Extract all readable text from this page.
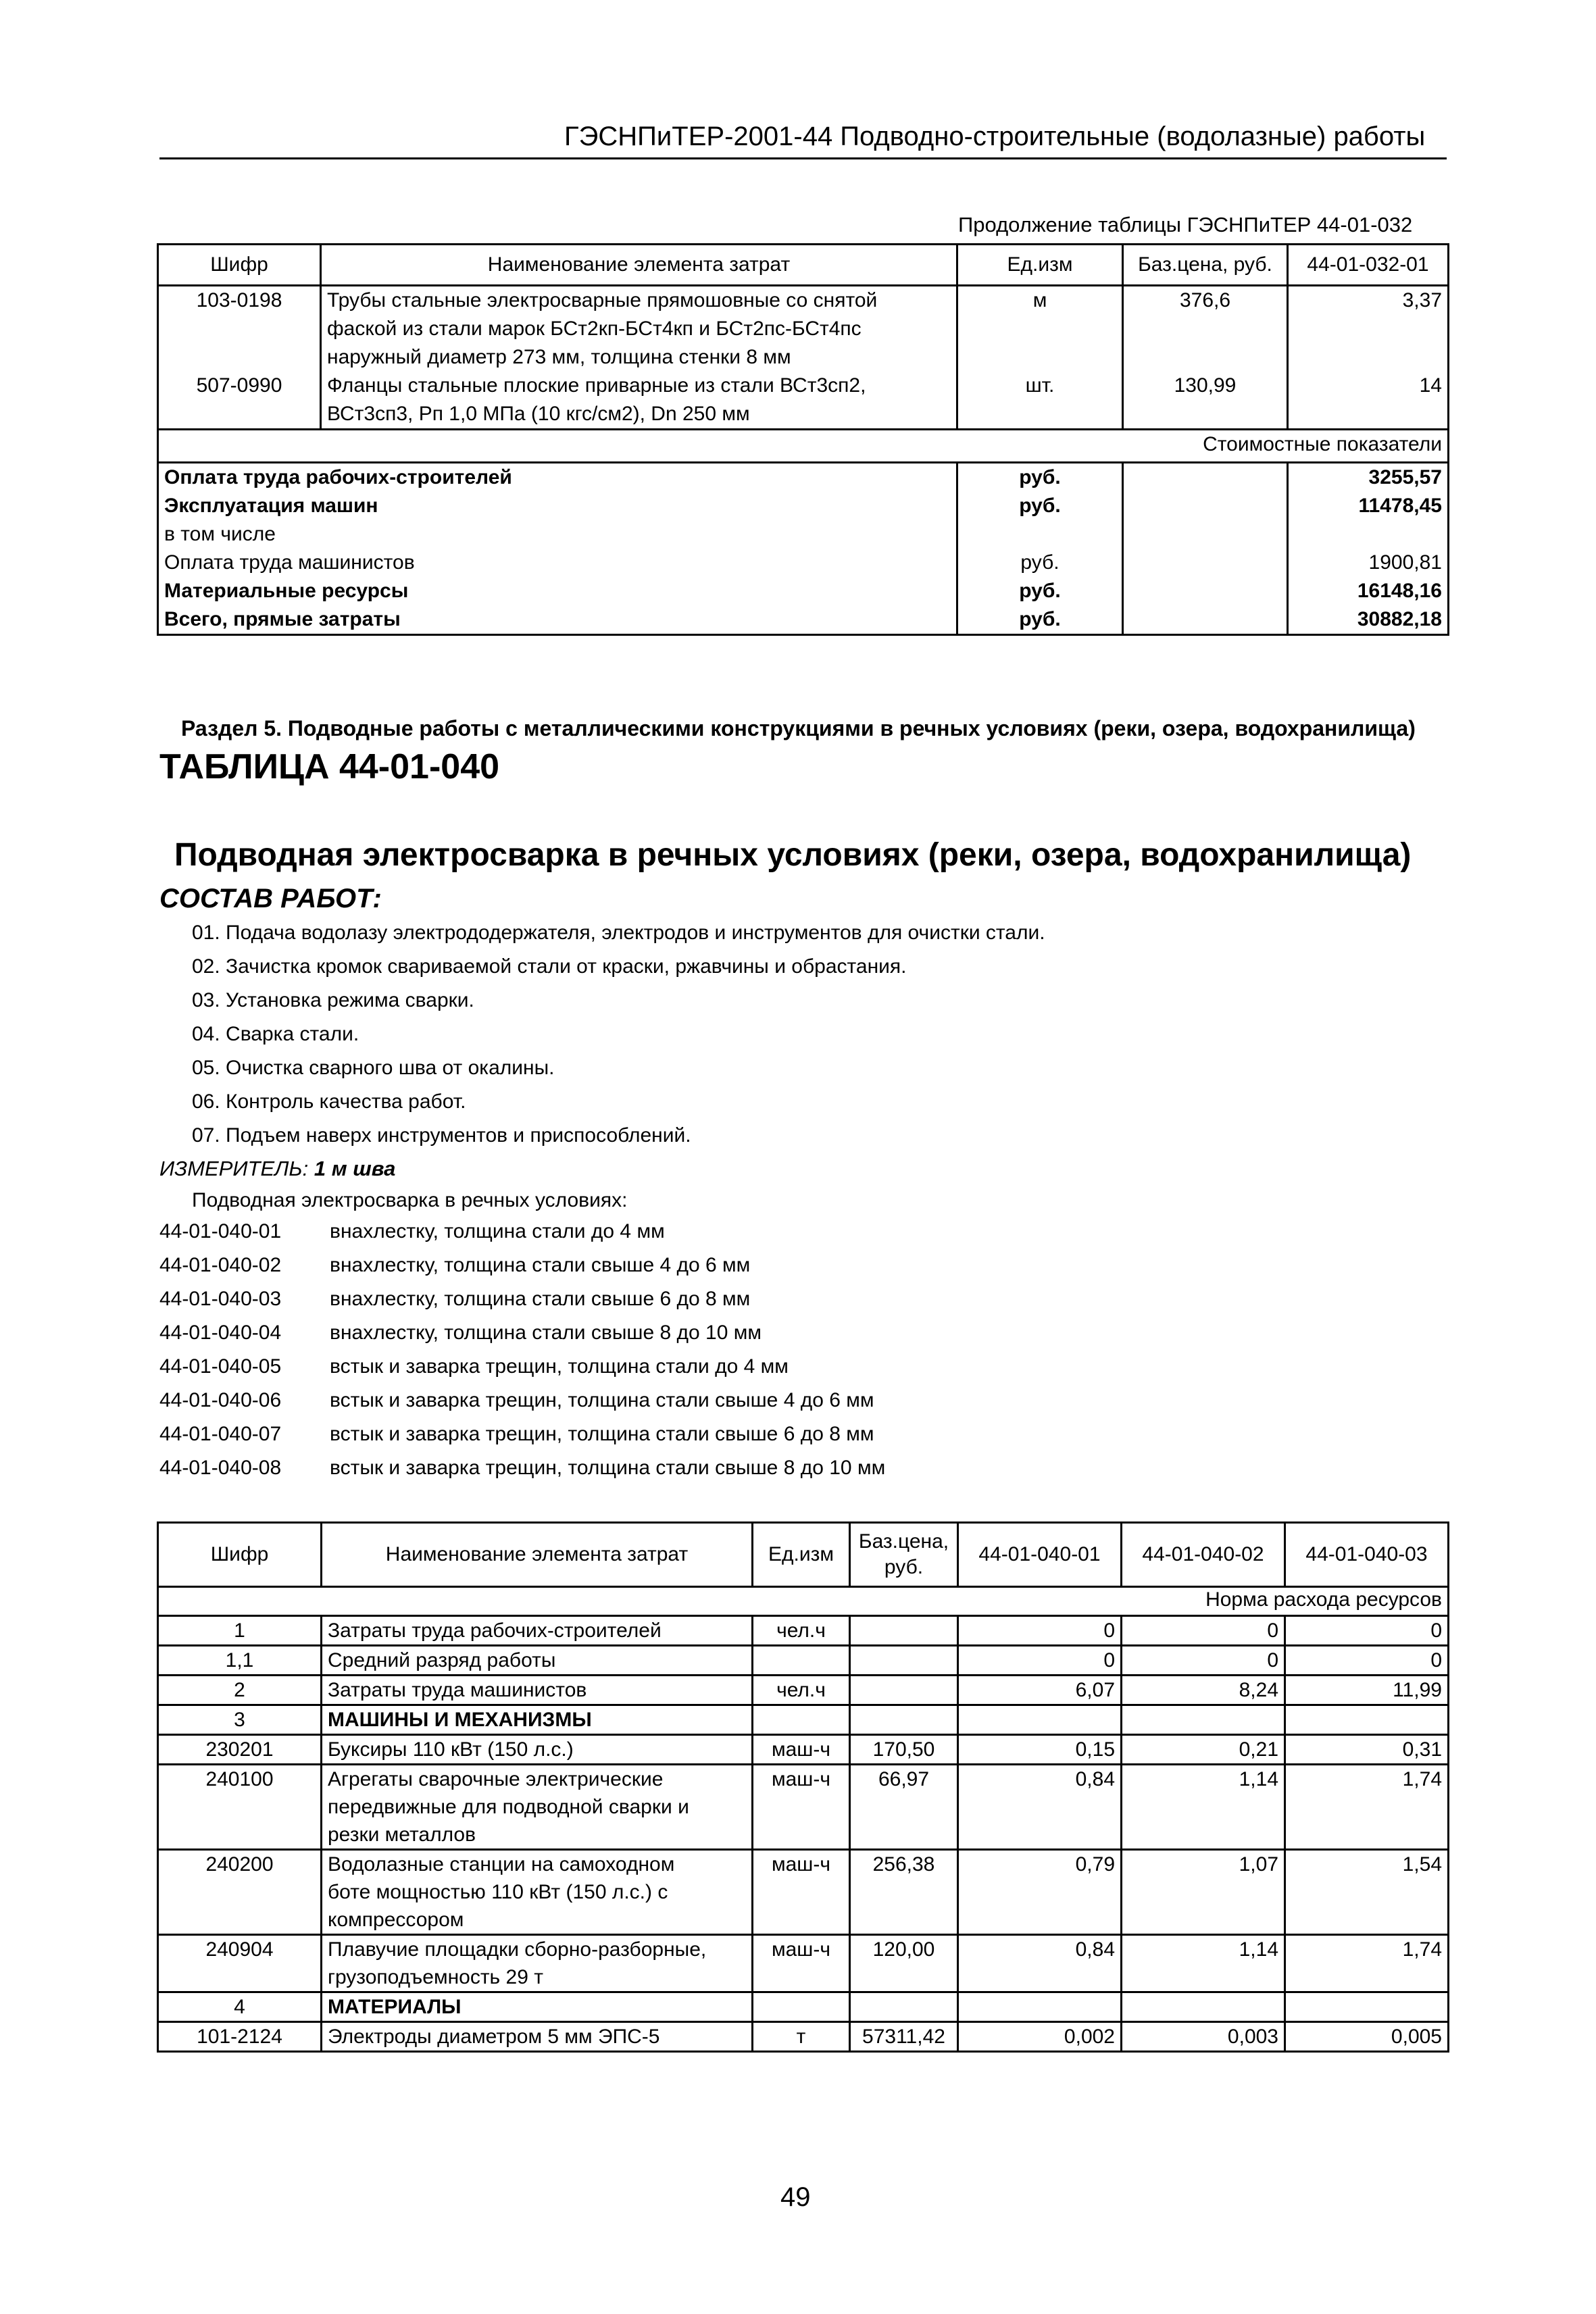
ГЭСНПиТЕР-2001-44 Подводно-строительные (водолазные) работы
Продолжение таблицы ГЭСНПиТЕР 44-01-032
Шифр	Наименование элемента затрат	Ед.изм	Баз.цена, руб.	44-01-032-01
103-0198	Трубы стальные электросварные прямошовные со снятой
фаской из стали марок БСт2кп-БСт4кп и БСт2пс-БСт4пс
наружный диаметр 273 мм, толщина стенки 8 мм	м	376,6	3,37
507-0990	Фланцы стальные плоские приварные из стали ВСт3сп2,
ВСт3сп3, Рп 1,0 МПа (10 кгс/см2), Dn 250 мм	шт.	130,99	14
Стоимостные показатели				
Оплата труда рабочих-строителей		руб.		3255,57
Эксплуатация машин		руб.		11478,45
в том числе				
Оплата труда машинистов		руб.		1900,81
Материальные ресурсы		руб.		16148,16
Всего, прямые затраты		руб.		30882,18
Раздел 5. Подводные работы с металлическими конструкциями в речных условиях (реки, озера, водохранилища)
ТАБЛИЦА 44-01-040
Подводная электросварка в речных условиях (реки, озера, водохранилища)
СОСТАВ РАБОТ:
01. Подача водолазу электрододержателя, электродов и инструментов для очистки стали.
02. Зачистка кромок свариваемой стали от краски, ржавчины и обрастания.
03. Установка режима сварки.
04. Сварка стали.
05. Очистка сварного шва от окалины.
06. Контроль качества работ.
07. Подъем наверх инструментов и приспособлений.
ИЗМЕРИТЕЛЬ: 1 м шва
Подводная электросварка в речных условиях:
44-01-040-01 внахлестку, толщина стали до 4 мм
44-01-040-02 внахлестку, толщина стали свыше 4 до 6 мм
44-01-040-03 внахлестку, толщина стали свыше 6 до 8 мм
44-01-040-04 внахлестку, толщина стали свыше 8 до 10 мм
44-01-040-05 встык и заварка трещин, толщина стали до 4 мм
44-01-040-06 встык и заварка трещин, толщина стали свыше 4 до 6 мм
44-01-040-07 встык и заварка трещин, толщина стали свыше 6 до 8 мм
44-01-040-08 встык и заварка трещин, толщина стали свыше 8 до 10 мм
Шифр	Наименование элемента затрат	Ед.изм	Баз.цена,
руб.	44-01-040-01	44-01-040-02	44-01-040-03
Норма расхода ресурсов						
1	Затраты труда рабочих-строителей	чел.ч		0	0	0
1,1	Средний разряд работы			0	0	0
2	Затраты труда машинистов	чел.ч		6,07	8,24	11,99
3	МАШИНЫ И МЕХАНИЗМЫ					

230201	Буксиры 110 кВт (150 л.с.)	маш-ч	170,50	0,15	0,21	0,31
240100	Агрегаты сварочные электрические
передвижные для подводной сварки и
резки металлов	маш-ч	66,97	0,84	1,14	1,74
240200	Водолазные станции на самоходном
боте мощностью 110 кВт (150 л.с.) с
компрессором	маш-ч	256,38	0,79	1,07	1,54
240904	Плавучие площадки сборно-разборные,
грузоподъемность 29 т	маш-ч	120,00	0,84	1,14	1,74
4	МАТЕРИАЛЫ					

101-2124	Электроды диаметром 5 мм ЭПС-5	т	57311,42	0,002	0,003	0,005
49
